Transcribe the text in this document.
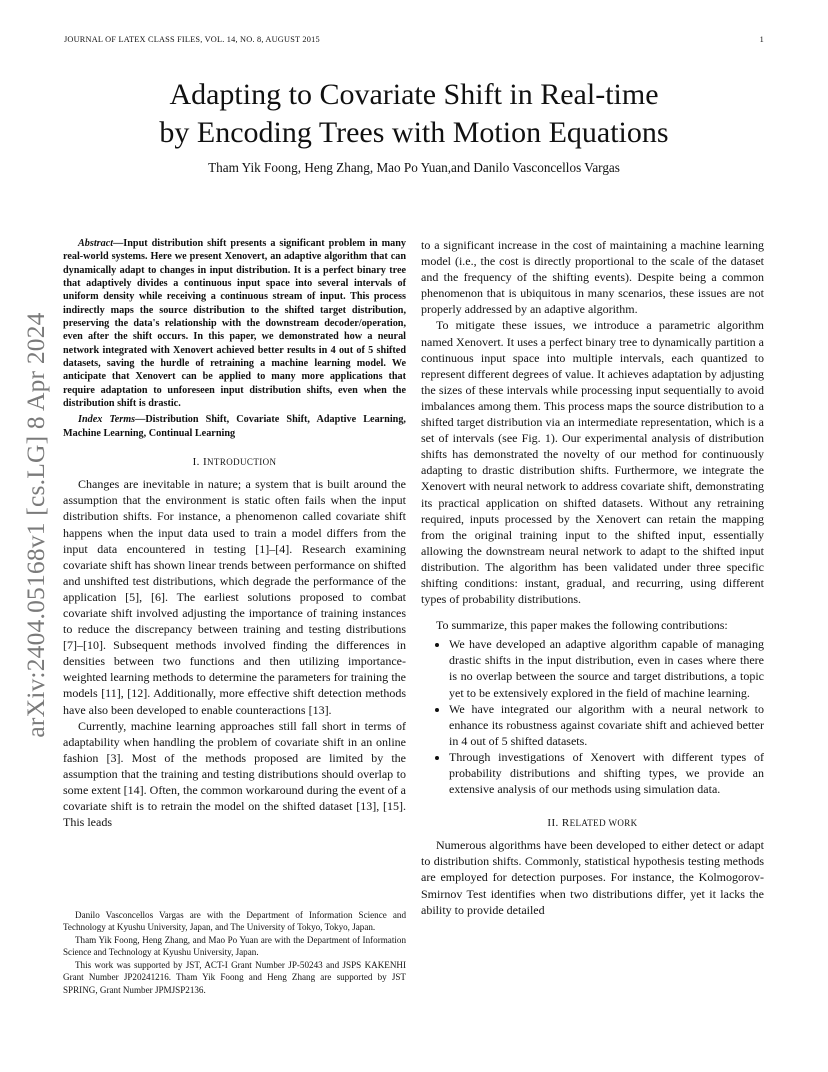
JOURNAL OF LATEX CLASS FILES, VOL. 14, NO. 8, AUGUST 2015	1
arXiv:2404.05168v1 [cs.LG] 8 Apr 2024
Adapting to Covariate Shift in Real-time
by Encoding Trees with Motion Equations
Tham Yik Foong, Heng Zhang, Mao Po Yuan,and Danilo Vasconcellos Vargas

Abstract—Input distribution shift presents a significant problem in many real-world systems. Here we present Xenovert, an adaptive algorithm that can dynamically adapt to changes in input distribution. It is a perfect binary tree that adaptively divides a continuous input space into several intervals of uniform density while receiving a continuous stream of input. This process indirectly maps the source distribution to the shifted target distribution, preserving the data's relationship with the downstream decoder/operation, even after the shift occurs. In this paper, we demonstrated how a neural network integrated with Xenovert achieved better results in 4 out of 5 shifted datasets, saving the hurdle of retraining a machine learning model. We anticipate that Xenovert can be applied to many more applications that require adaptation to unforeseen input distribution shifts, even when the distribution shift is drastic.

Index Terms—Distribution Shift, Covariate Shift, Adaptive Learning, Machine Learning, Continual Learning

I. INTRODUCTION

Changes are inevitable in nature; a system that is built around the assumption that the environment is static often fails when the input distribution shifts. For instance, a phenomenon called covariate shift happens when the input data used to train a model differs from the input data encountered in testing [1]–[4]. Research examining covariate shift has shown linear trends between performance on shifted and unshifted test distributions, which degrade the performance of the application [5], [6]. The earliest solutions proposed to combat covariate shift involved adjusting the importance of training instances to reduce the discrepancy between training and testing distributions [7]–[10]. Subsequent methods involved finding the differences in densities between two functions and then utilizing importance-weighted learning methods to determine the parameters for training the models [11], [12]. Additionally, more effective shift detection methods have also been developed to enable counteractions [13].

Currently, machine learning approaches still fall short in terms of adaptability when handling the problem of covariate shift in an online fashion [3]. Most of the methods proposed are limited by the assumption that the training and testing distributions should overlap to some extent [14]. Often, the common workaround during the event of a covariate shift is to retrain the model on the shifted dataset [13], [15]. This leads

Danilo Vasconcellos Vargas are with the Department of Information Science and Technology at Kyushu University, Japan, and The University of Tokyo, Tokyo, Japan.

Tham Yik Foong, Heng Zhang, and Mao Po Yuan are with the Department of Information Science and Technology at Kyushu University, Japan.

This work was supported by JST, ACT-I Grant Number JP-50243 and JSPS KAKENHI Grant Number JP20241216. Tham Yik Foong and Heng Zhang are supported by JST SPRING, Grant Number JPMJSP2136.

to a significant increase in the cost of maintaining a machine learning model (i.e., the cost is directly proportional to the scale of the dataset and the frequency of the shifting events). Despite being a common phenomenon that is ubiquitous in many scenarios, these issues are not properly addressed by an adaptive algorithm.

To mitigate these issues, we introduce a parametric algorithm named Xenovert. It uses a perfect binary tree to dynamically partition a continuous input space into multiple intervals, each quantized to represent different degrees of value. It achieves adaptation by adjusting the sizes of these intervals while processing input sequentially to avoid imbalances among them. This process maps the source distribution to a shifted target distribution via an intermediate representation, which is a set of intervals (see Fig. 1). Our experimental analysis of distribution shifts has demonstrated the novelty of our method for continuously adapting to drastic distribution shifts. Furthermore, we integrate the Xenovert with neural network to address covariate shift, demonstrating its practical application on shifted datasets. Without any retraining required, inputs processed by the Xenovert can retain the mapping from the original training input to the shifted input, essentially allowing the downstream neural network to adapt to the shifted input distribution. The algorithm has been validated under three specific shifting conditions: instant, gradual, and recurring, using different types of probability distributions.

To summarize, this paper makes the following contributions:

• We have developed an adaptive algorithm capable of managing drastic shifts in the input distribution, even in cases where there is no overlap between the source and target distributions, a topic yet to be extensively explored in the field of machine learning.
• We have integrated our algorithm with a neural network to enhance its robustness against covariate shift and achieved better in 4 out of 5 shifted datasets.
• Through investigations of Xenovert with different types of probability distributions and shifting types, we provide an extensive analysis of our methods using simulation data.
II. RELATED WORK

Numerous algorithms have been developed to either detect or adapt to distribution shifts. Commonly, statistical hypothesis testing methods are employed for detection purposes. For instance, the Kolmogorov-Smirnov Test identifies when two distributions differ, yet it lacks the ability to provide detailed
